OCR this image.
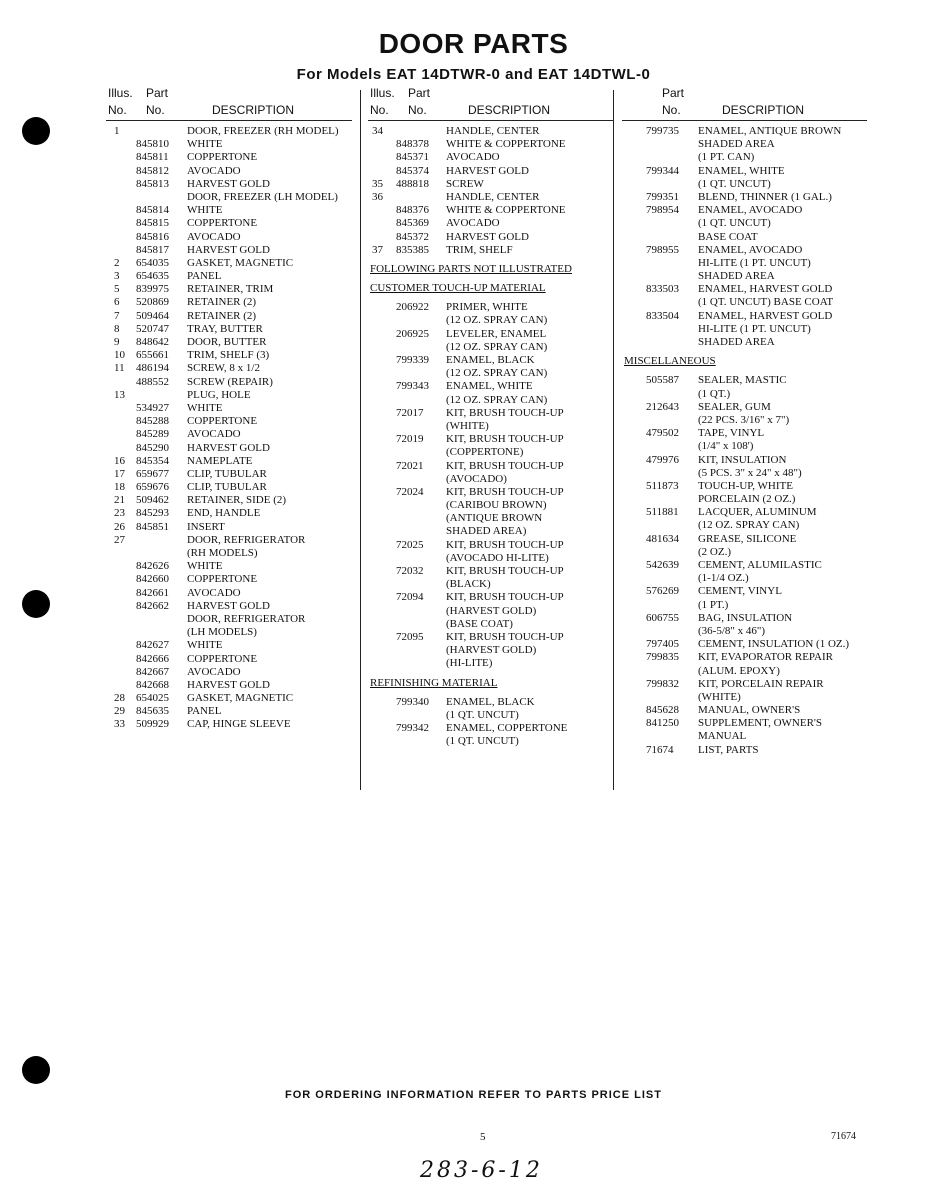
DOOR PARTS
For Models EAT 14DTWR-0 and EAT 14DTWL-0
Illus. Part
No. No.	DESCRIPTION
1	DOOR, FREEZER (RH MODEL)
845810 WHITE
845811 COPPERTONE
845812 AVOCADO
845813 HARVEST GOLD
DOOR, FREEZER (LH MODEL)
845814 WHITE
845815 COPPERTONE
845816 AVOCADO
845817 HARVEST GOLD
2 654035 GASKET, MAGNETIC
3 654635 PANEL
5 839975 RETAINER, TRIM
6 520869 RETAINER (2)
7 509464 RETAINER (2)
8 520747 TRAY, BUTTER
9 848642 DOOR, BUTTER
10 655661 TRIM, SHELF (3)
11 486194 SCREW, 8 x 1/2
488552 SCREW (REPAIR)
13	PLUG, HOLE
534927 WHITE
845288 COPPERTONE
845289 AVOCADO
845290 HARVEST GOLD
16 845354 NAMEPLATE
17 659677 CLIP, TUBULAR
18 659676 CLIP, TUBULAR
21 509462 RETAINER, SIDE (2)
23 845293 END, HANDLE
26 845851 INSERT
27	DOOR, REFRIGERATOR
(RH MODELS)
842626 WHITE
842660 COPPERTONE
842661 AVOCADO
842662 HARVEST GOLD
DOOR, REFRIGERATOR
(LH MODELS)
842627 WHITE
842666 COPPERTONE
842667 AVOCADO
842668 HARVEST GOLD
28 654025 GASKET, MAGNETIC
29 845635 PANEL
33 509929 CAP, HINGE SLEEVE
Illus. Part
No. No.	DESCRIPTION
34	HANDLE, CENTER
848378 WHITE & COPPERTONE
845371 AVOCADO
845374 HARVEST GOLD
35 488818 SCREW
36	HANDLE, CENTER
848376 WHITE & COPPERTONE
845369 AVOCADO
845372 HARVEST GOLD
37 835385 TRIM, SHELF
FOLLOWING PARTS NOT ILLUSTRATED
CUSTOMER TOUCH-UP MATERIAL
206922 PRIMER, WHITE
(12 OZ. SPRAY CAN)
206925 LEVELER, ENAMEL
(12 OZ. SPRAY CAN)
799339 ENAMEL, BLACK
(12 OZ. SPRAY CAN)
799343 ENAMEL, WHITE
(12 OZ. SPRAY CAN)
72017 KIT, BRUSH TOUCH-UP
(WHITE)
72019 KIT, BRUSH TOUCH-UP
(COPPERTONE)
72021 KIT, BRUSH TOUCH-UP
(AVOCADO)
72024 KIT, BRUSH TOUCH-UP
(CARIBOU BROWN)
(ANTIQUE BROWN
SHADED AREA)
72025 KIT, BRUSH TOUCH-UP
(AVOCADO HI-LITE)
72032 KIT, BRUSH TOUCH-UP
(BLACK)
72094 KIT, BRUSH TOUCH-UP
(HARVEST GOLD)
(BASE COAT)
72095 KIT, BRUSH TOUCH-UP
(HARVEST GOLD)
(HI-LITE)
REFINISHING MATERIAL
799340 ENAMEL, BLACK
(1 QT. UNCUT)
799342 ENAMEL, COPPERTONE
(1 QT. UNCUT)
Part
No.	DESCRIPTION
799735 ENAMEL, ANTIQUE BROWN
SHADED AREA
(1 PT. CAN)
799344 ENAMEL, WHITE
(1 QT. UNCUT)
799351 BLEND, THINNER (1 GAL.)
798954 ENAMEL, AVOCADO
(1 QT. UNCUT)
BASE COAT
798955 ENAMEL, AVOCADO
HI-LITE (1 PT. UNCUT)
SHADED AREA
833503 ENAMEL, HARVEST GOLD
(1 QT. UNCUT) BASE COAT
833504 ENAMEL, HARVEST GOLD
HI-LITE (1 PT. UNCUT)
SHADED AREA
MISCELLANEOUS
505587 SEALER, MASTIC
(1 QT.)
212643 SEALER, GUM
(22 PCS. 3/16" x 7")
479502 TAPE, VINYL
(1/4" x 108')
479976 KIT, INSULATION
(5 PCS. 3" x 24" x 48")
511873 TOUCH-UP, WHITE
PORCELAIN (2 OZ.)
511881 LACQUER, ALUMINUM
(12 OZ. SPRAY CAN)
481634 GREASE, SILICONE
(2 OZ.)
542639 CEMENT, ALUMILASTIC
(1-1/4 OZ.)
576269 CEMENT, VINYL
(1 PT.)
606755 BAG, INSULATION
(36-5/8" x 46")
797405 CEMENT, INSULATION (1 OZ.)
799835 KIT, EVAPORATOR REPAIR
(ALUM. EPOXY)
799832 KIT, PORCELAIN REPAIR
(WHITE)
845628 MANUAL, OWNER'S
841250 SUPPLEMENT, OWNER'S
MANUAL
71674 LIST, PARTS
FOR ORDERING INFORMATION REFER TO PARTS PRICE LIST
5	71674
283-6-12
